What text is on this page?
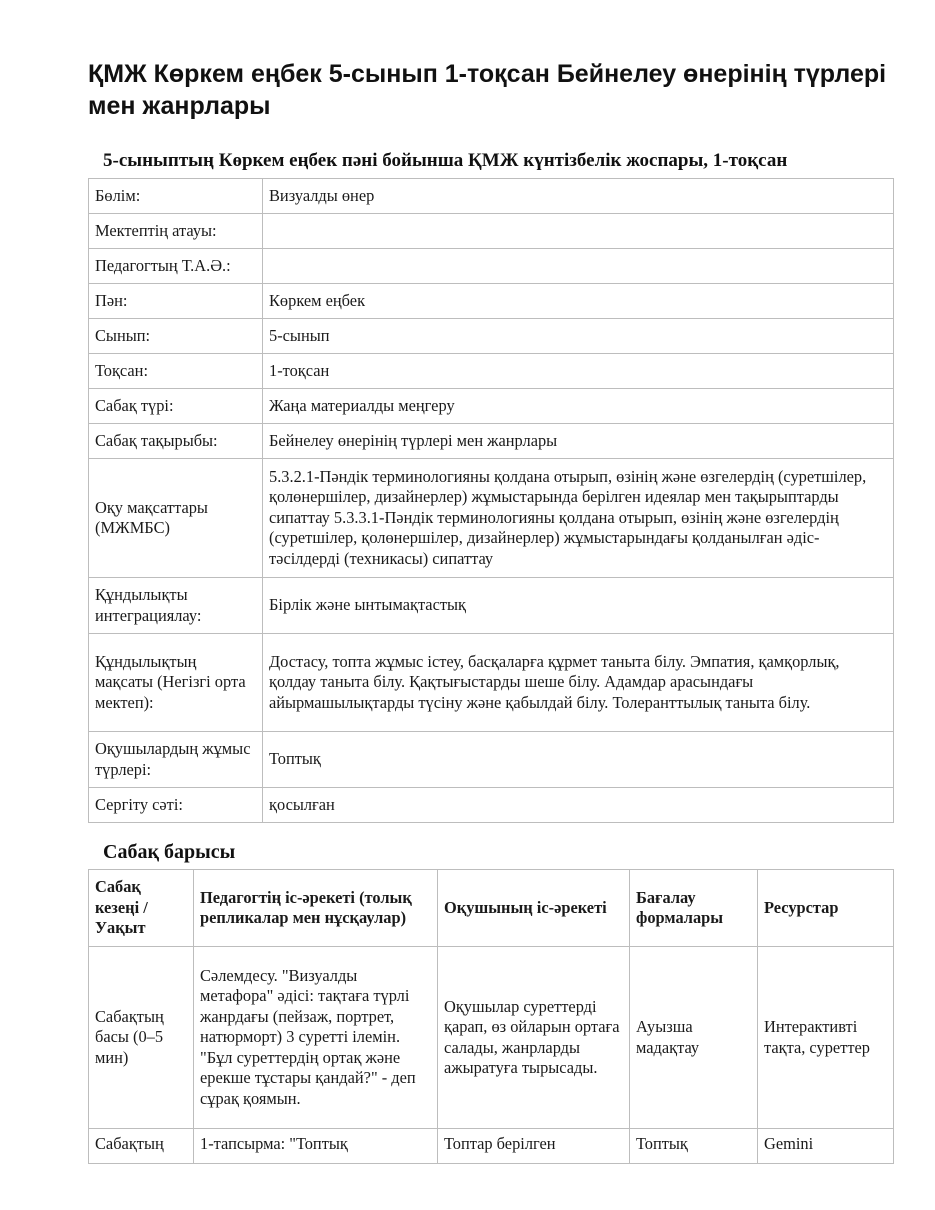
ҚМЖ Көркем еңбек 5-сынып 1-тоқсан Бейнелеу өнерінің түрлері мен жанрлары
5-сыныптың Көркем еңбек пәні бойынша ҚМЖ күнтізбелік жоспары, 1-тоқсан
Бөлім:	Визуалды өнер
Мектептің атауы:	
Педагогтың Т.А.Ә.:	
Пән:	Көркем еңбек
Сынып:	5-сынып
Тоқсан:	1-тоқсан
Сабақ түрі:	Жаңа материалды меңгеру
Сабақ тақырыбы:	Бейнелеу өнерінің түрлері мен жанрлары
Оқу мақсаттары (МЖМБС)	5.3.2.1-Пәндік терминологияны қолдана отырып, өзінің және өзгелердің (суретшілер, қолөнершілер, дизайнерлер) жұмыстарында берілген идеялар мен тақырыптарды сипаттау 5.3.3.1-Пәндік терминологияны қолдана отырып, өзінің және өзгелердің (суретшілер, қолөнершілер, дизайнерлер) жұмыстарындағы қолданылған әдіс-тәсілдерді (техникасы) сипаттау
Құндылықты интеграциялау:	Бірлік және ынтымақтастық
Құндылықтың мақсаты (Негізгі орта мектеп):	Достасу, топта жұмыс істеу, басқаларға құрмет таныта білу. Эмпатия, қамқорлық, қолдау таныта білу. Қақтығыстарды шеше білу. Адамдар арасындағы айырмашылықтарды түсіну және қабылдай білу. Толеранттылық таныта білу.
Оқушылардың жұмыс түрлері:	Топтық
Сергіту сәті:	қосылған
Сабақ барысы
Сабақ кезеңі / Уақыт	Педагогтің іс-әрекеті (толық репликалар мен нұсқаулар)	Оқушының іс-әрекеті	Бағалау формалары	Ресурстар
Сабақтың басы (0–5 мин)	Сәлемдесу. "Визуалды метафора" әдісі: тақтаға түрлі жанрдағы (пейзаж, портрет, натюрморт) 3 суретті ілемін. "Бұл суреттердің ортақ және ерекше тұстары қандай?" - деп сұрақ қоямын.	Оқушылар суреттерді қарап, өз ойларын ортаға салады, жанрларды ажыратуға тырысады.	Ауызша мадақтау	Интерактивті тақта, суреттер
Сабақтың	1-тапсырма: "Топтық	Топтар берілген	Топтық	Gemini
